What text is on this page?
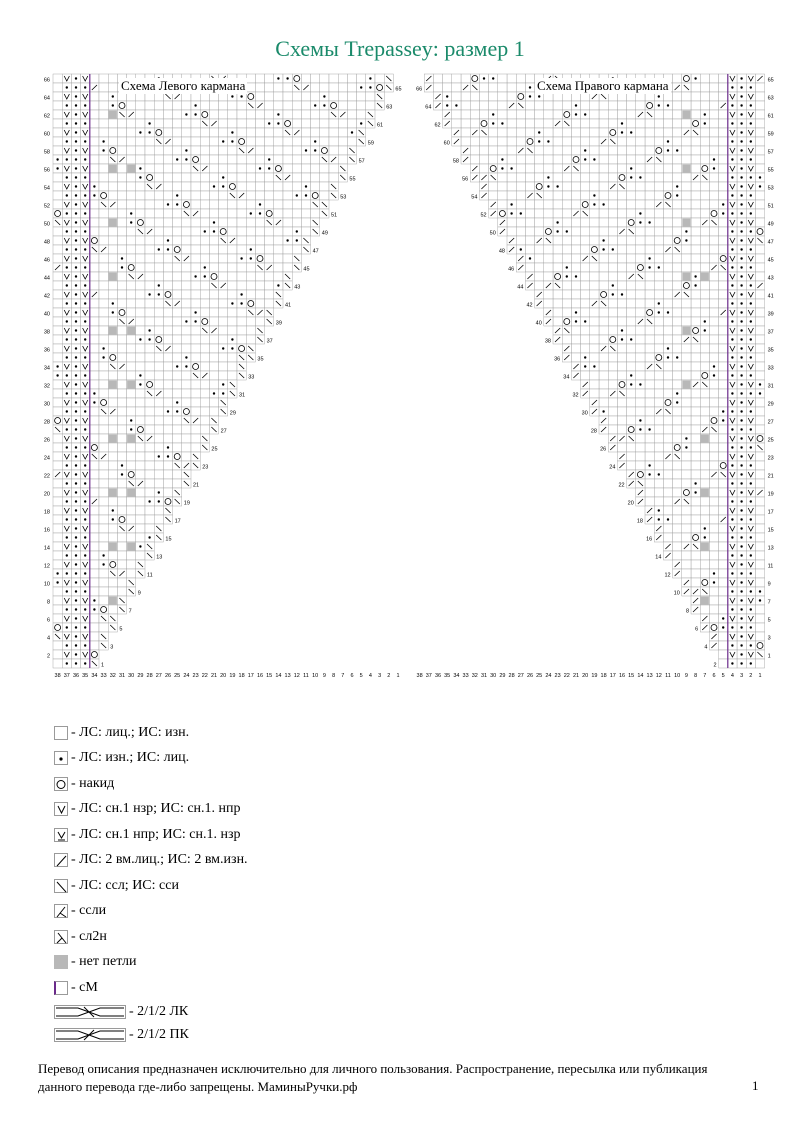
Схемы Trepassey: размер 1
66
64
62
60
58
56
54
52
50
48
46
44
42
40
38
36
34
32
30
28
26
24
22
20
18
16
14
12
10
8
6
4
2
65
63
61
59
57
55
53
51
49
47
45
43
41
39
37
35
33
31
29
27
25
23
21
19
17
15
13
11
9
7
5
3
1
38 37 36 35 34 33 32 31 30 29 28 27 26 25 24 23 22 21 20 19 18 17 16 15 14 13 12 11 10 9 8 7 6 5 4 3 2 1
Схема Левого кармана	65
63
61
59
57
55
53
51
49
47
45
43
41
39
37
35
33
31
29
27
25
23
21
19
17
15
13
11
9
7
5
3
1
66
64
62
60
58
56
54
52
50
48
46
44
42
40
38
36
34
32
30
28
26
24
22
20
18
16
14
12
10
8
6
4
2
38 37 36 35 34 33 32 31 30 29 28 27 26 25 24 23 22 21 20 19 18 17 16 15 14 13 12 11 10 9 8 7 6 5 4 3 2 1
Схема Правого кармана
- ЛС: лиц.; ИС: изн.
- ЛС: изн.; ИС: лиц.
- накид
- ЛС: сн.1 нзр; ИС: сн.1. нпр
- ЛС: сн.1 нпр; ИС: сн.1. нзр
- ЛС: 2 вм.лиц.; ИС: 2 вм.изн.
- ЛС: ссл; ИС: сси
- ссли
- сл2н
- нет петли
- сМ
- 2/1/2 ЛК
- 2/1/2 ПК
Перевод описания предназначен исключительно для личного пользования. Распространение, пересылка или публикация данного перевода где-либо запрещены. МаминыРучки.рф	1
